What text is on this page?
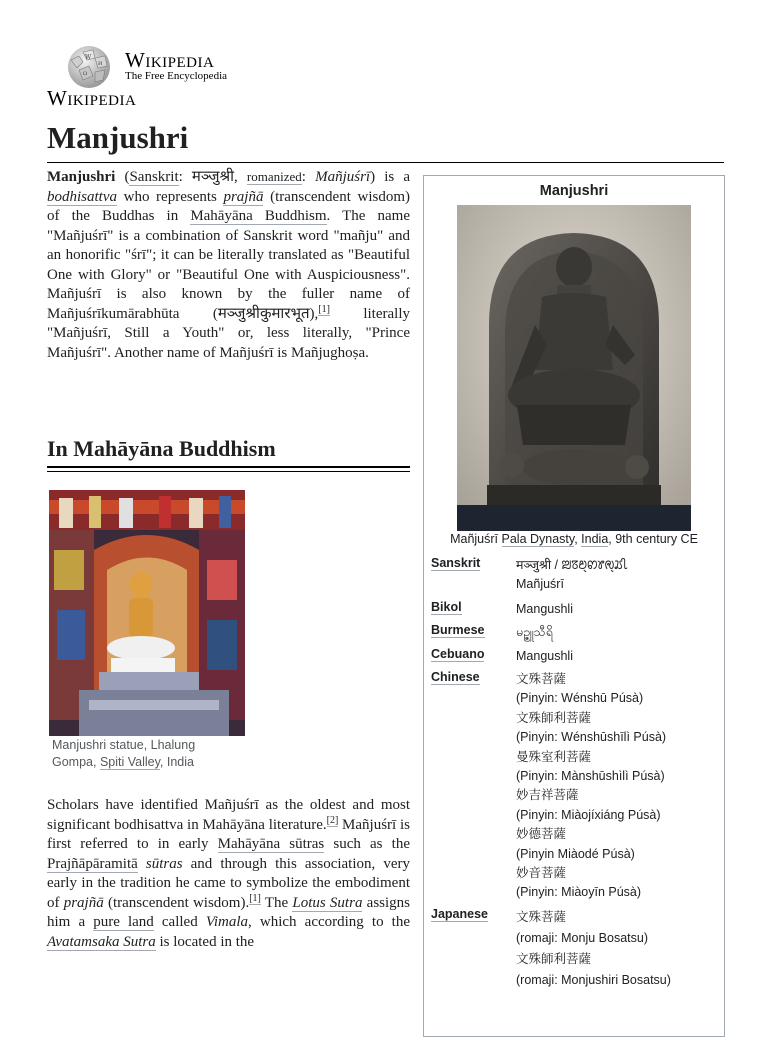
W
И
Ω
Wikipedia
The Free Encyclopedia
Wikipedia
Manjushri

Manjushri (Sanskrit: मञ्जुश्री, romanized: Mañjuśrī) is a bodhisattva who represents prajñā (transcendent wisdom) of the Buddhas in Mahāyāna Buddhism. The name "Mañjuśrī" is a combination of Sanskrit word "mañju" and an honorific "śrī"; it can be literally translated as "Beautiful One with Glory" or "Beautiful One with Auspiciousness". Mañjuśrī is also known by the fuller name of Mañjuśrīkumārabhūta (मञ्जुश्रीकुमारभूत),[1] literally "Mañjuśrī, Still a Youth" or, less literally, "Prince Mañjuśrī". Another name of Mañjuśrī is Mañjughoṣa.

In Mahāyāna Buddhism
Manjushri statue, Lhalung Gompa, Spiti Valley, India

Scholars have identified Mañjuśrī as the oldest and most significant bodhisattva in Mahāyāna literature.[2] Mañjuśrī is first referred to in early Mahāyāna sūtras such as the Prajñāpāramitā sūtras and through this association, very early in the tradition he came to symbolize the embodiment of prajñā (transcendent wisdom).[1] The Lotus Sutra assigns him a pure land called Vimala, which according to the Avatamsaka Sutra is located in the

Manjushri
Mañjuśrī Pala Dynasty, India, 9th century CE
Sanskrit	मञ्जुश्री / ꢪꢿꢗ꣄ꢙꢸꢯ꣄ꢬꢷ
Mañjuśrī
Bikol	Mangushli
Burmese	မဉ္ဇူသီရိ
Cebuano	Mangushli
Chinese	文殊菩薩
(Pinyin: Wénshū Púsà)
文殊師利菩薩
(Pinyin: Wénshūshīlì Púsà)
曼殊室利菩薩
(Pinyin: Mànshūshìlì Púsà)
妙吉祥菩薩
(Pinyin: Miàojíxiáng Púsà)
妙德菩薩
(Pinyin Miàodé Púsà)
妙音菩薩
(Pinyin: Miàoyīn Púsà)
Japanese 文殊菩薩
(romaji: Monju Bosatsu)
文殊師利菩薩
(romaji: Monjushiri Bosatsu)
